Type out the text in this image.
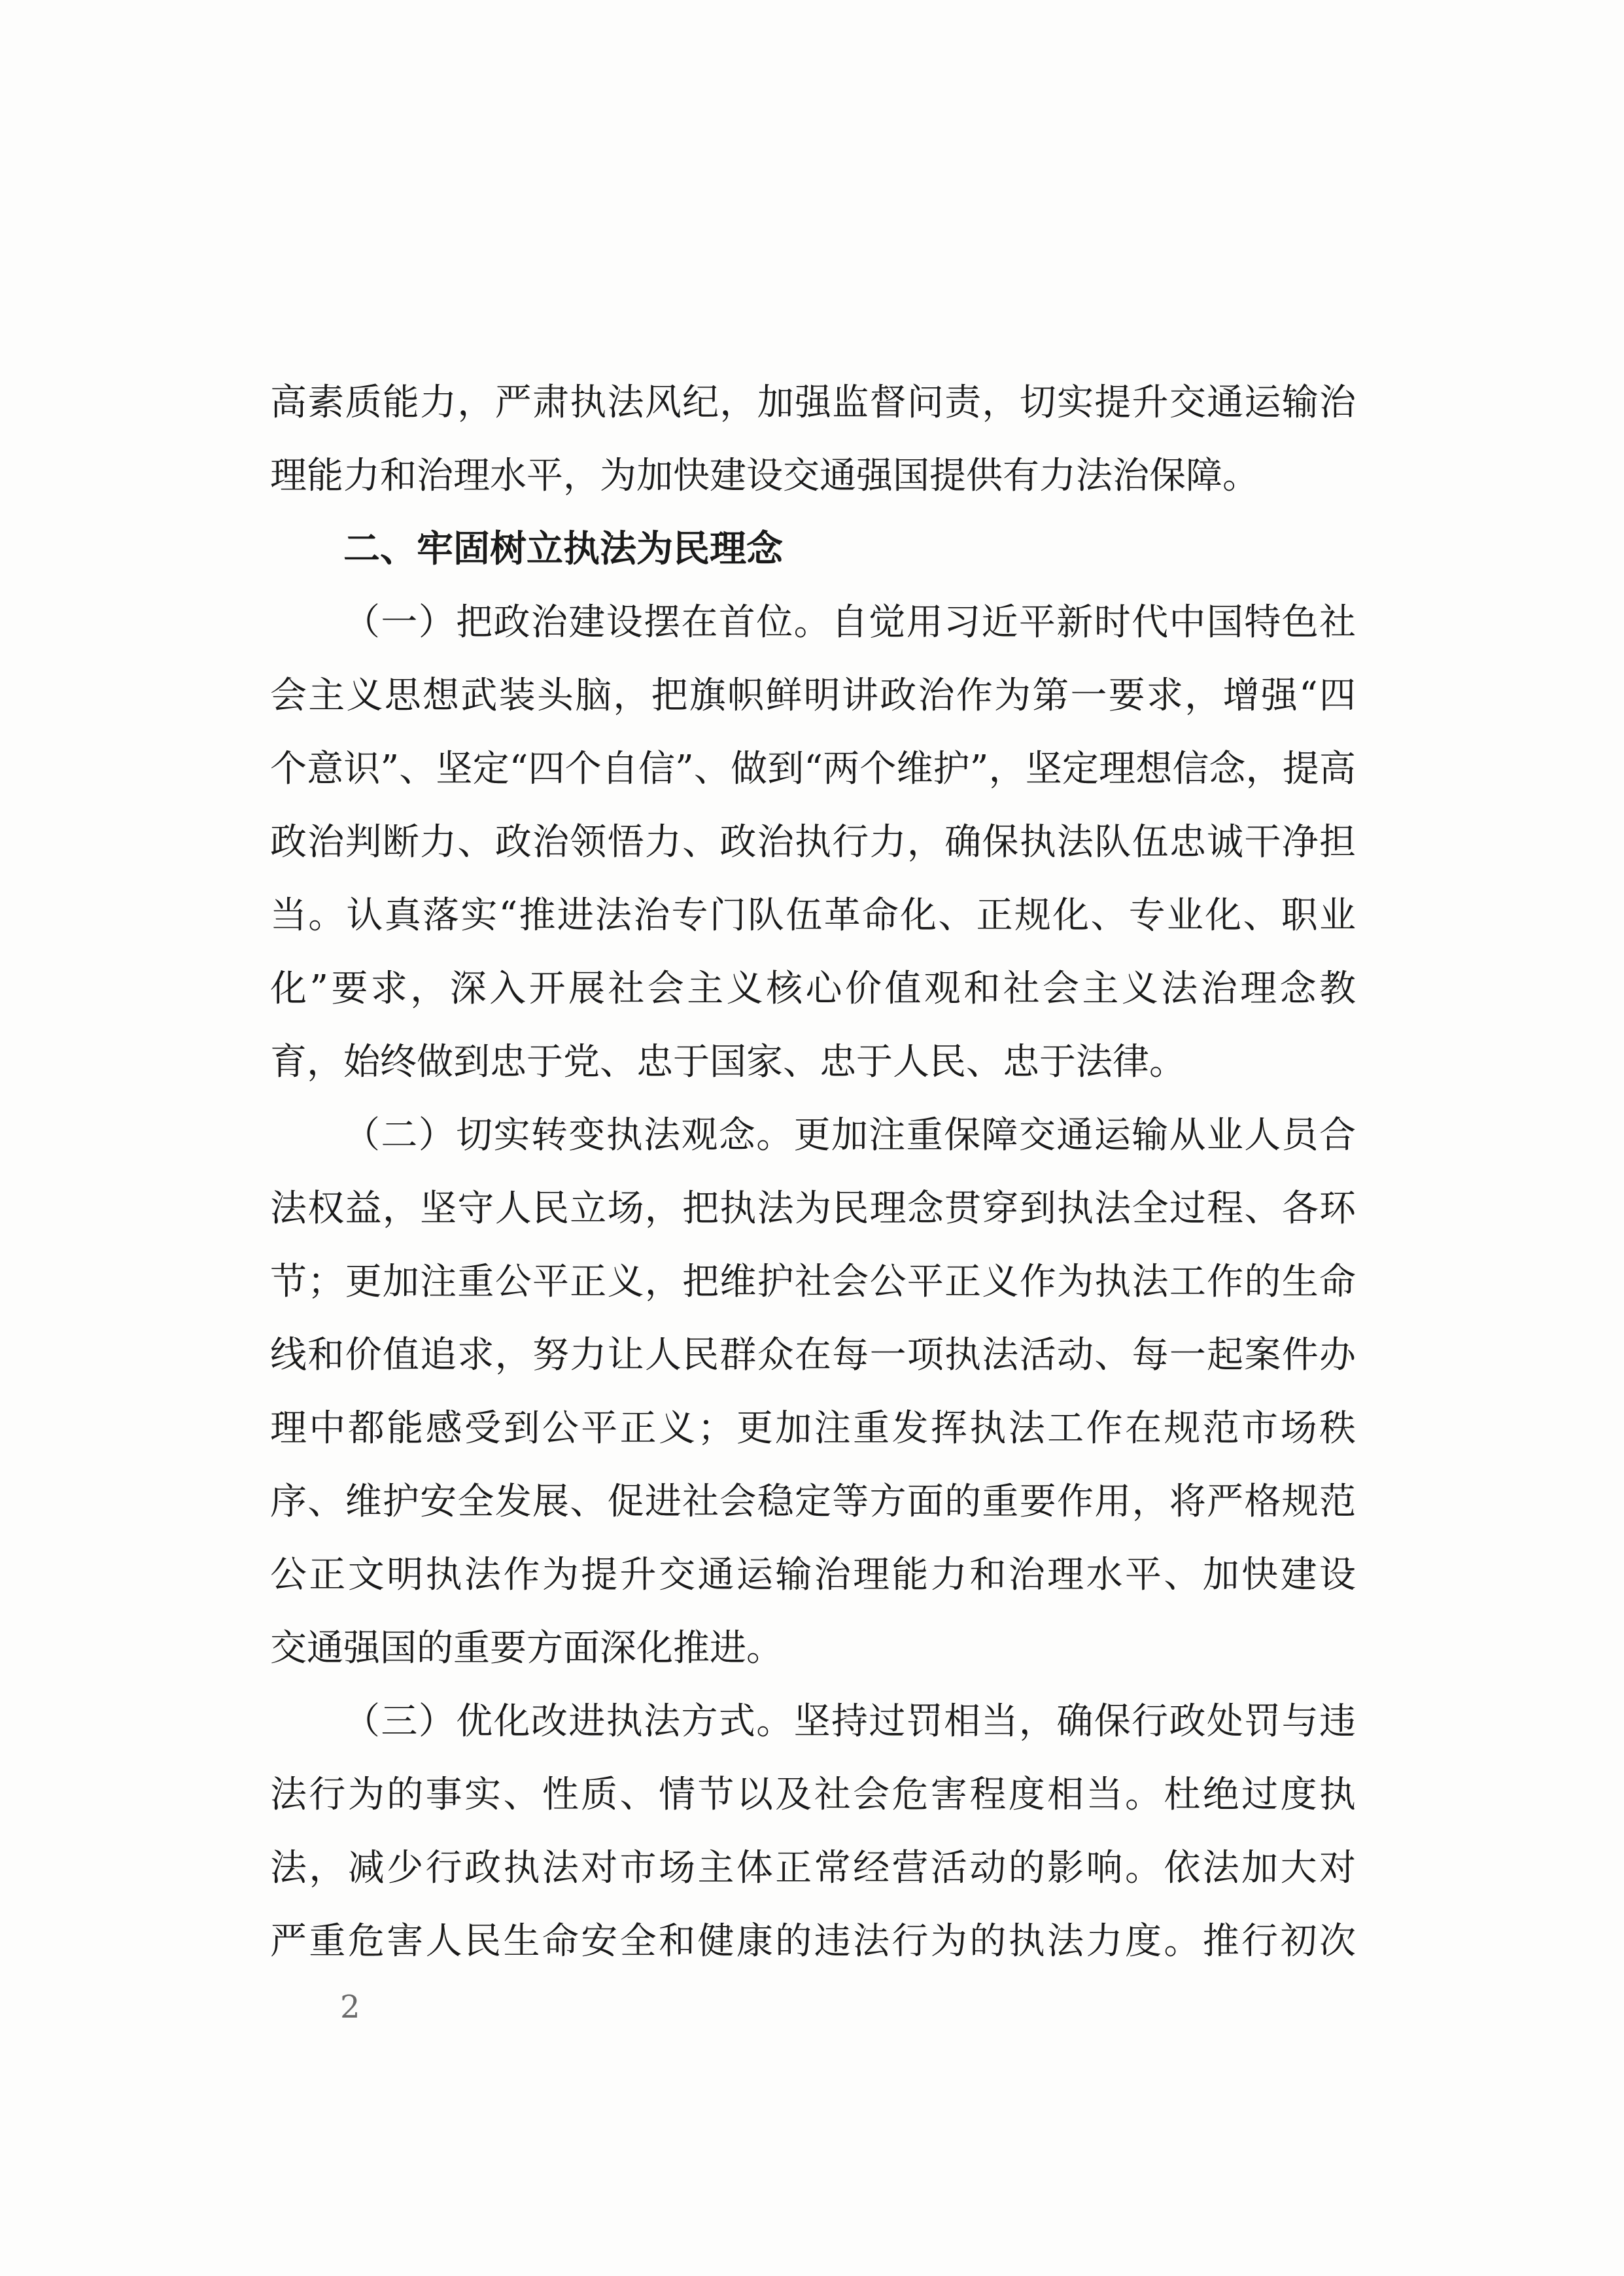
高素质能力，严肃执法风纪，加强监督问责，切实提升交通运输治
理能力和治理水平，为加快建设交通强国提供有力法治保障。
二、牢固树立执法为民理念
（一）把政治建设摆在首位。自觉用习近平新时代中国特色社
会主义思想武装头脑，把旗帜鲜明讲政治作为第一要求，增强“四
个意识”、坚定“四个自信”、做到“两个维护”，坚定理想信念，提高
政治判断力、政治领悟力、政治执行力，确保执法队伍忠诚干净担
当。认真落实“推进法治专门队伍革命化、正规化、专业化、职业
化”要求，深入开展社会主义核心价值观和社会主义法治理念教
育，始终做到忠于党、忠于国家、忠于人民、忠于法律。
（二）切实转变执法观念。更加注重保障交通运输从业人员合
法权益，坚守人民立场，把执法为民理念贯穿到执法全过程、各环
节；更加注重公平正义，把维护社会公平正义作为执法工作的生命
线和价值追求，努力让人民群众在每一项执法活动、每一起案件办
理中都能感受到公平正义；更加注重发挥执法工作在规范市场秩
序、维护安全发展、促进社会稳定等方面的重要作用，将严格规范
公正文明执法作为提升交通运输治理能力和治理水平、加快建设
交通强国的重要方面深化推进。
（三）优化改进执法方式。坚持过罚相当，确保行政处罚与违
法行为的事实、性质、情节以及社会危害程度相当。杜绝过度执
法，减少行政执法对市场主体正常经营活动的影响。依法加大对
严重危害人民生命安全和健康的违法行为的执法力度。推行初次
2
